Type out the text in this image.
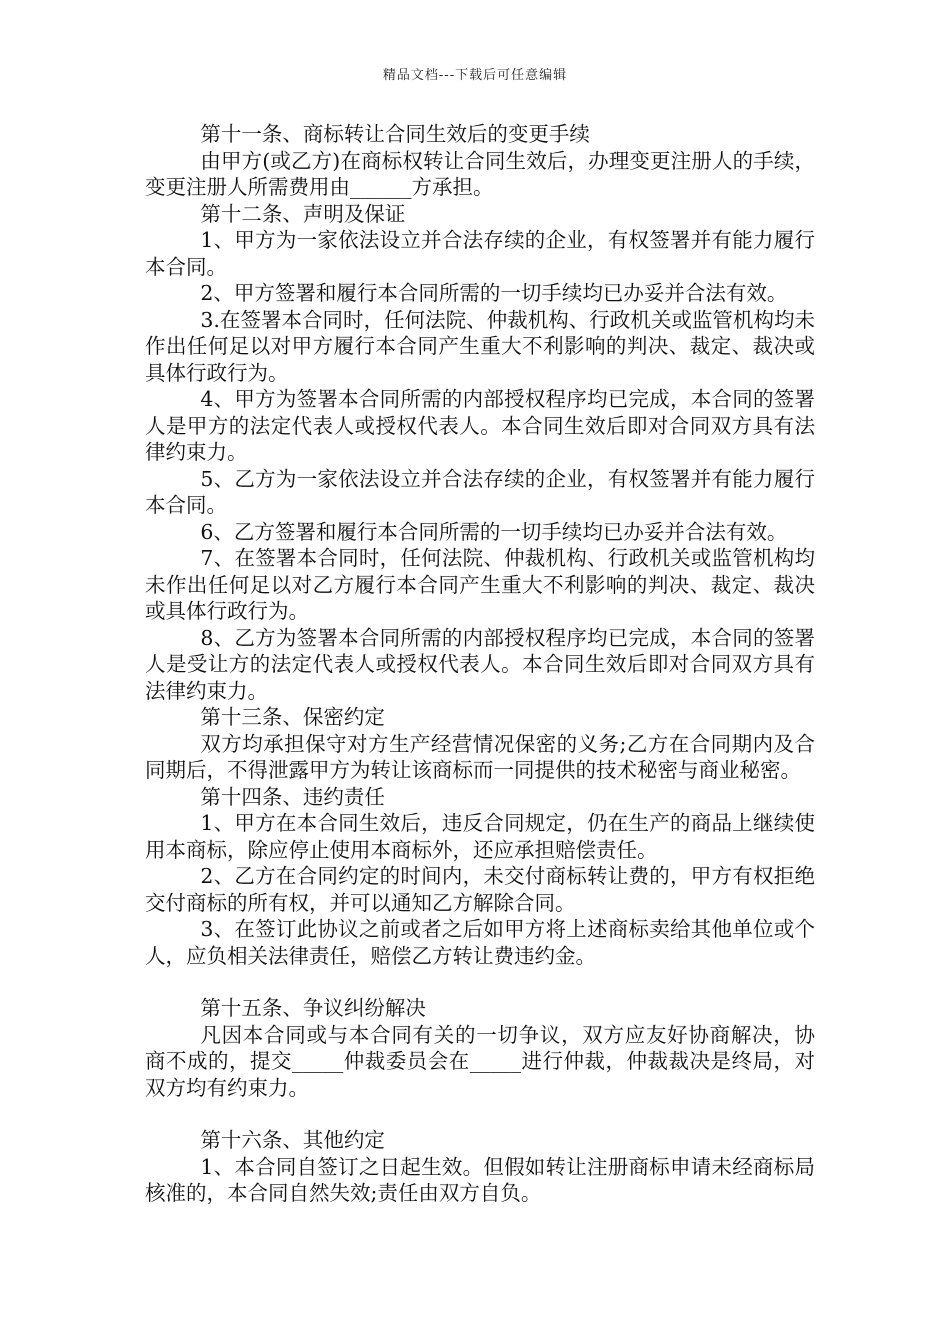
精品文档---下载后可任意编辑

第十一条、商标转让合同生效后的变更手续

由甲方(或乙方)在商标权转让合同生效后，办理变更注册人的手续，变更注册人所需费用由______方承担。

第十二条、声明及保证

1、甲方为一家依法设立并合法存续的企业，有权签署并有能力履行本合同。

2、甲方签署和履行本合同所需的一切手续均已办妥并合法有效。

3.在签署本合同时，任何法院、仲裁机构、行政机关或监管机构均未作出任何足以对甲方履行本合同产生重大不利影响的判决、裁定、裁决或具体行政行为。

4、甲方为签署本合同所需的内部授权程序均已完成，本合同的签署人是甲方的法定代表人或授权代表人。本合同生效后即对合同双方具有法律约束力。

5、乙方为一家依法设立并合法存续的企业，有权签署并有能力履行本合同。

6、乙方签署和履行本合同所需的一切手续均已办妥并合法有效。

7、在签署本合同时，任何法院、仲裁机构、行政机关或监管机构均未作出任何足以对乙方履行本合同产生重大不利影响的判决、裁定、裁决或具体行政行为。

8、乙方为签署本合同所需的内部授权程序均已完成，本合同的签署人是受让方的法定代表人或授权代表人。本合同生效后即对合同双方具有法律约束力。

第十三条、保密约定

双方均承担保守对方生产经营情况保密的义务;乙方在合同期内及合同期后，不得泄露甲方为转让该商标而一同提供的技术秘密与商业秘密。

第十四条、违约责任

1、甲方在本合同生效后，违反合同规定，仍在生产的商品上继续使用本商标，除应停止使用本商标外，还应承担赔偿责任。

2、乙方在合同约定的时间内，未交付商标转让费的，甲方有权拒绝交付商标的所有权，并可以通知乙方解除合同。

3、在签订此协议之前或者之后如甲方将上述商标卖给其他单位或个人，应负相关法律责任，赔偿乙方转让费违约金。

第十五条、争议纠纷解决

凡因本合同或与本合同有关的一切争议，双方应友好协商解决，协商不成的，提交_____仲裁委员会在_____进行仲裁，仲裁裁决是终局，对双方均有约束力。

第十六条、其他约定

1、本合同自签订之日起生效。但假如转让注册商标申请未经商标局核准的，本合同自然失效;责任由双方自负。
